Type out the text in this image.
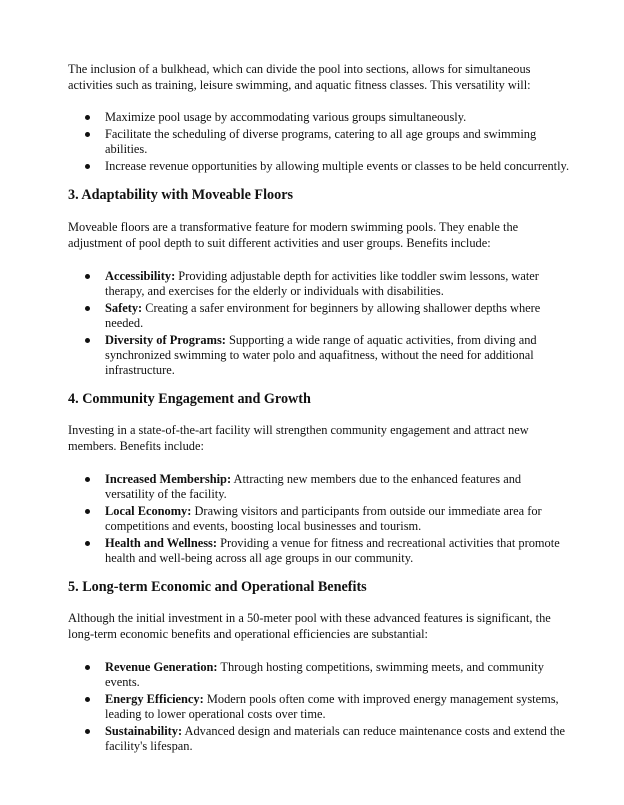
The inclusion of a bulkhead, which can divide the pool into sections, allows for simultaneous activities such as training, leisure swimming, and aquatic fitness classes. This versatility will:

Maximize pool usage by accommodating various groups simultaneously.
Facilitate the scheduling of diverse programs, catering to all age groups and swimming abilities.
Increase revenue opportunities by allowing multiple events or classes to be held concurrently.
3. Adaptability with Moveable Floors

Moveable floors are a transformative feature for modern swimming pools. They enable the adjustment of pool depth to suit different activities and user groups. Benefits include:

Accessibility: Providing adjustable depth for activities like toddler swim lessons, water therapy, and exercises for the elderly or individuals with disabilities.
Safety: Creating a safer environment for beginners by allowing shallower depths where needed.
Diversity of Programs: Supporting a wide range of aquatic activities, from diving and synchronized swimming to water polo and aquafitness, without the need for additional infrastructure.
4. Community Engagement and Growth

Investing in a state-of-the-art facility will strengthen community engagement and attract new members. Benefits include:

Increased Membership: Attracting new members due to the enhanced features and versatility of the facility.
Local Economy: Drawing visitors and participants from outside our immediate area for competitions and events, boosting local businesses and tourism.
Health and Wellness: Providing a venue for fitness and recreational activities that promote health and well-being across all age groups in our community.
5. Long-term Economic and Operational Benefits

Although the initial investment in a 50-meter pool with these advanced features is significant, the long-term economic benefits and operational efficiencies are substantial:

Revenue Generation: Through hosting competitions, swimming meets, and community events.
Energy Efficiency: Modern pools often come with improved energy management systems, leading to lower operational costs over time.
Sustainability: Advanced design and materials can reduce maintenance costs and extend the facility's lifespan.
